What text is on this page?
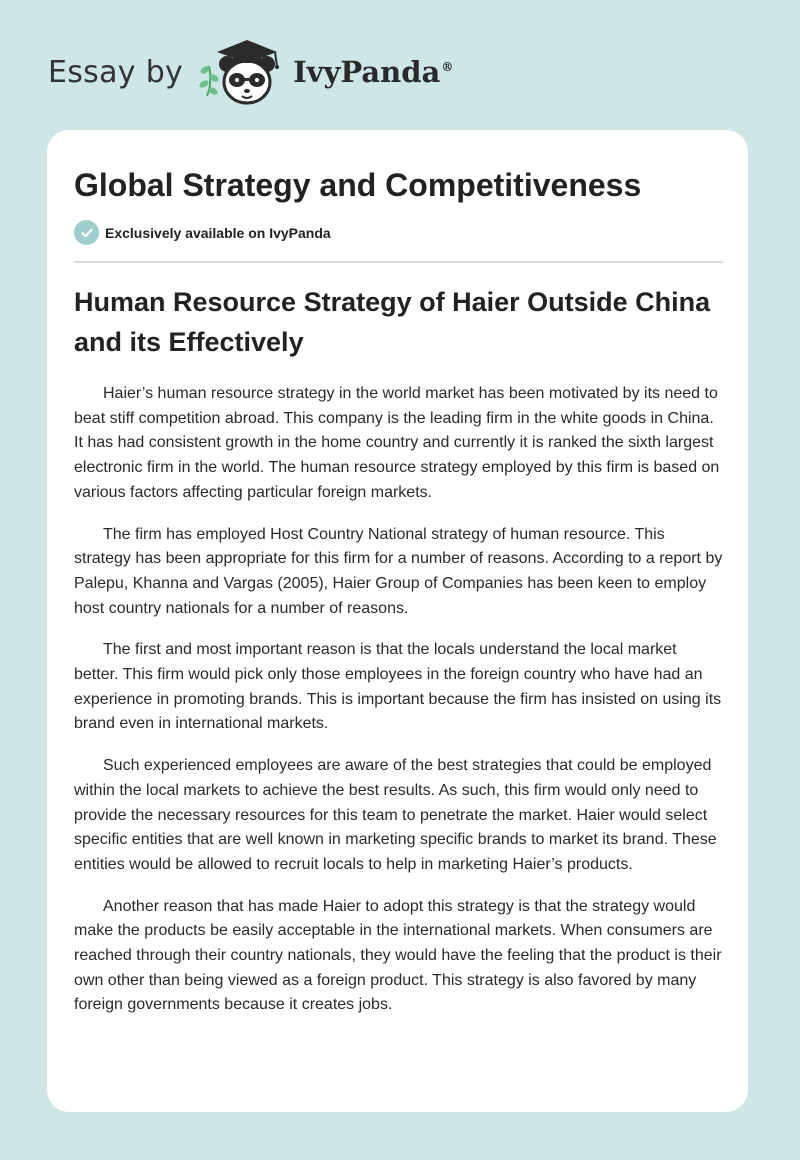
Essay by	IvyPanda®
Global Strategy and Competitiveness
Exclusively available on IvyPanda
Human Resource Strategy of Haier Outside China and its Effectively

Haier’s human resource strategy in the world market has been motivated by its need to beat stiff competition abroad. This company is the leading firm in the white goods in China. It has had consistent growth in the home country and currently it is ranked the sixth largest electronic firm in the world. The human resource strategy employed by this firm is based on various factors affecting particular foreign markets.

The firm has employed Host Country National strategy of human resource. This strategy has been appropriate for this firm for a number of reasons. According to a report by Palepu, Khanna and Vargas (2005), Haier Group of Companies has been keen to employ host country nationals for a number of reasons.

The first and most important reason is that the locals understand the local market better. This firm would pick only those employees in the foreign country who have had an experience in promoting brands. This is important because the firm has insisted on using its brand even in international markets.

Such experienced employees are aware of the best strategies that could be employed within the local markets to achieve the best results. As such, this firm would only need to provide the necessary resources for this team to penetrate the market. Haier would select specific entities that are well known in marketing specific brands to market its brand. These entities would be allowed to recruit locals to help in marketing Haier’s products.

Another reason that has made Haier to adopt this strategy is that the strategy would make the products be easily acceptable in the international markets. When consumers are reached through their country nationals, they would have the feeling that the product is their own other than being viewed as a foreign product. This strategy is also favored by many foreign governments because it creates jobs.
